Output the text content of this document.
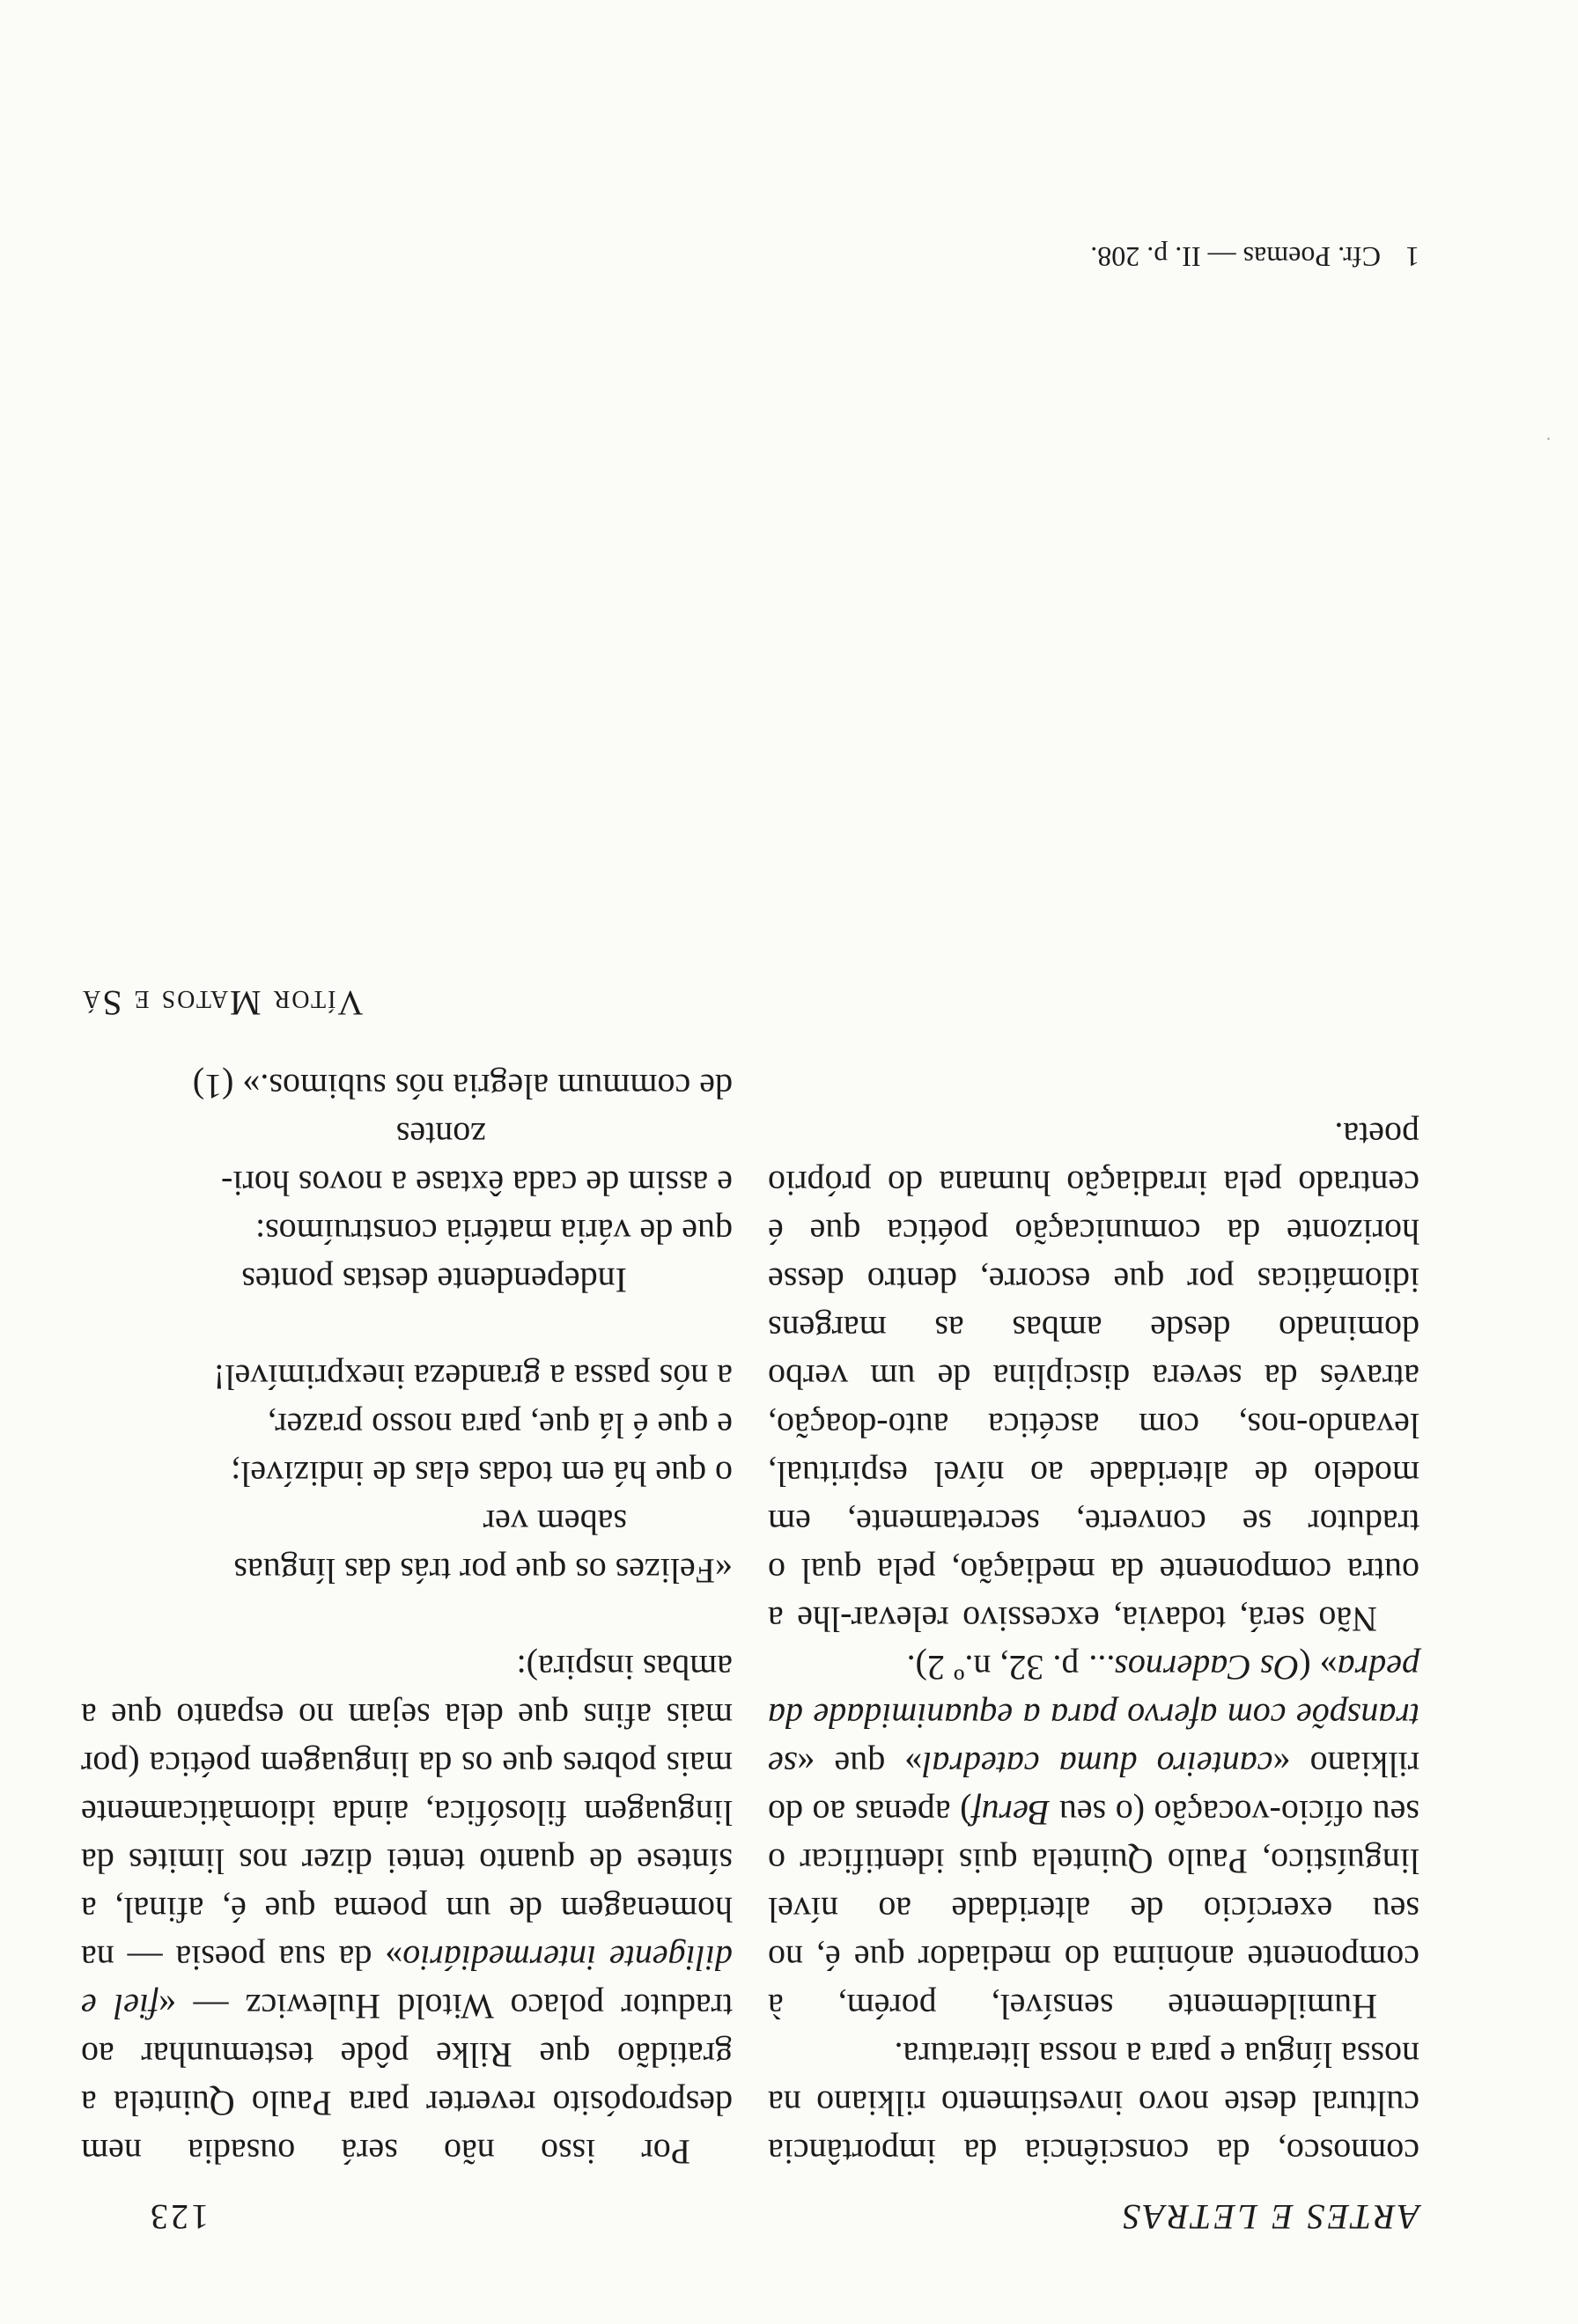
ARTES E LETRAS
123

connosco, da consciência da importância cultural deste novo investimento rilkiano na nossa língua e para a nossa literatura.

Humildemente sensível, porém, à componente anónima do mediador que é, no seu exercício de alteridade ao nível linguístico, Paulo Quintela quis identificar o seu ofício-vocação (o seu Beruf) apenas ao do rilkiano «canteiro duma catedral» que «se transpõe com afervo para a equanimidade da pedra» (Os Cadernos... p. 32, n.º 2).

Não será, todavia, excessivo relevar-lhe a outra componente da mediação, pela qual o tradutor se converte, secretamente, em modelo de alteridade ao nível espiritual, levando-nos, com ascética auto-doação, através da severa disciplina de um verbo dominado desde ambas as margens idiomáticas por que escorre, dentro desse horizonte da comunicação poética que é centrado pela irradiação humana do próprio poeta.

Por isso não será ousadia nem despropósito reverter para Paulo Quintela a gratidão que Rilke pôde testemunhar ao tradutor polaco Witold Hulewicz — «fiel e diligente intermediário» da sua poesia — na homenagem de um poema que é, afinal, a síntese de quanto tentei dizer nos limites da linguagem filosófica, ainda idiomàticamente mais pobres que os da linguagem poética (por mais afins que dela sejam no espanto que a ambas inspira):

«Felizes os que por trás das línguas

sabem ver

o que há em todas elas de indizível;

e que é lá que, para nosso prazer,

a nós passa a grandeza inexprimível!

Independente destas pontes

que de vária matéria construímos:

e assim de cada êxtase a novos hori-

zontes

de commum alegria nós subimos.» (1)

Vítor Matos e Sá
1Cfr. Poemas — II. p. 208.
